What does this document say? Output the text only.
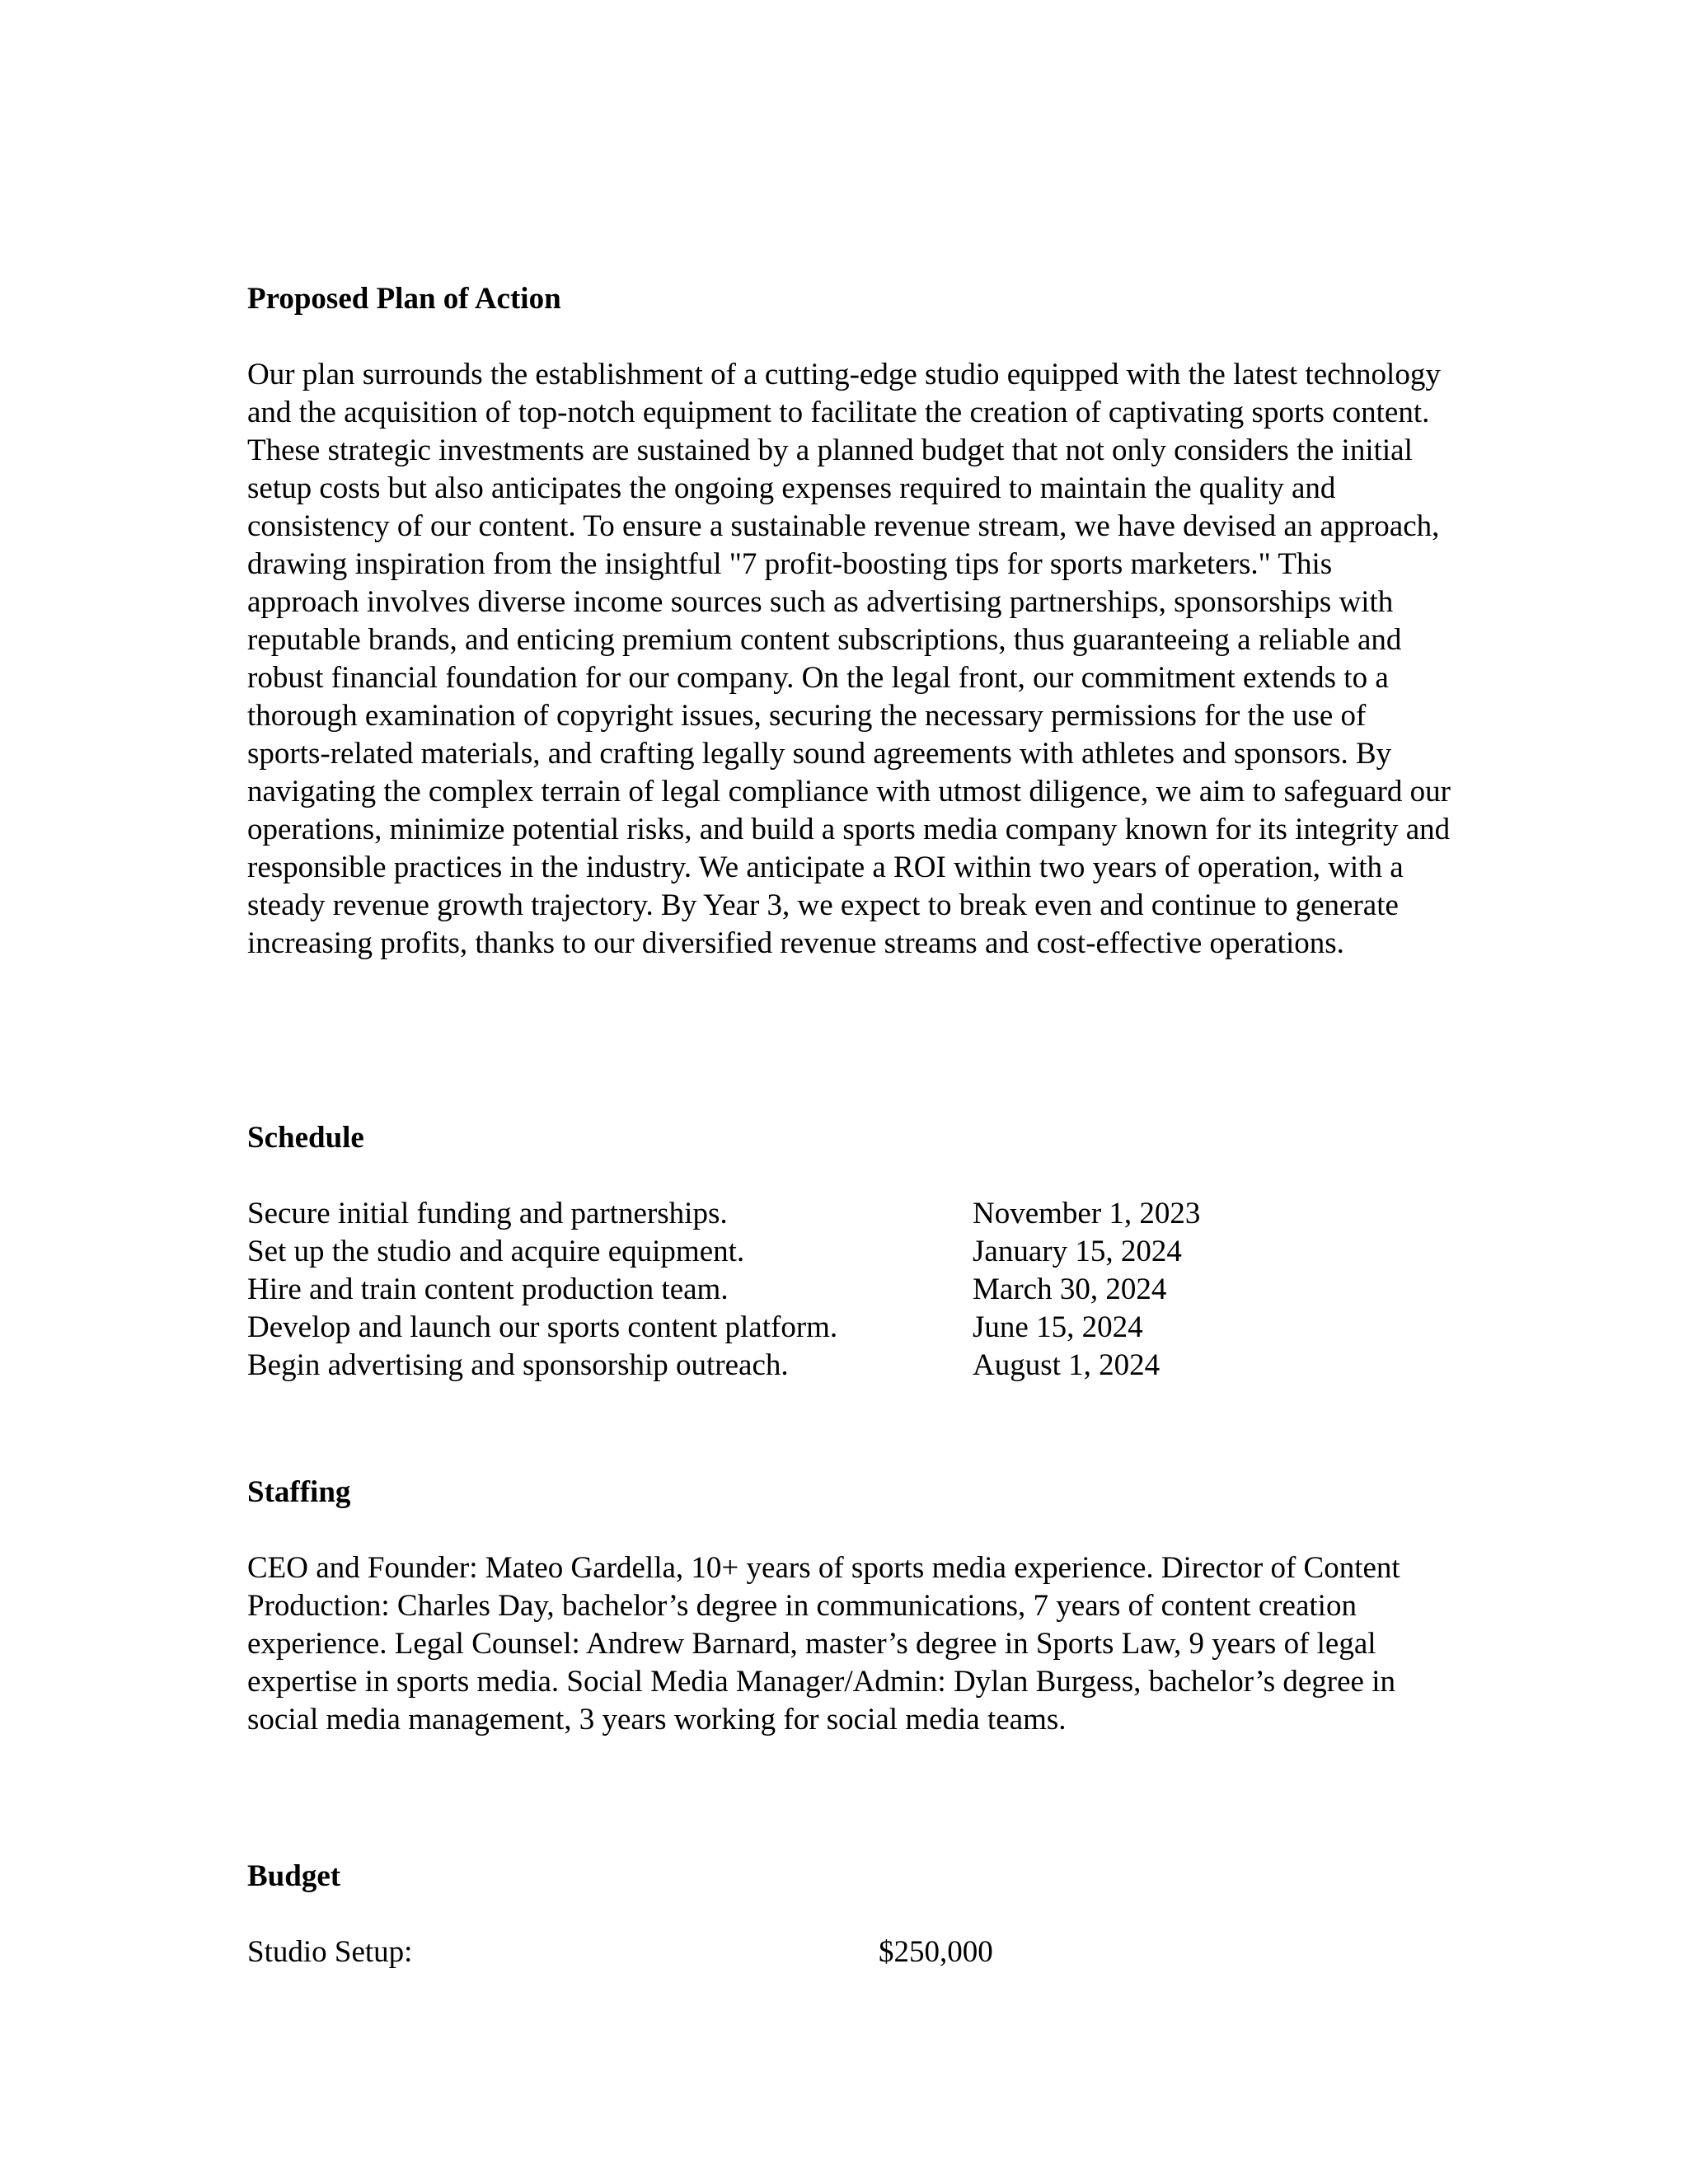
Proposed Plan of Action

Our plan surrounds the establishment of a cutting-edge studio equipped with the latest technology and the acquisition of top-notch equipment to facilitate the creation of captivating sports content. These strategic investments are sustained by a planned budget that not only considers the initial setup costs but also anticipates the ongoing expenses required to maintain the quality and consistency of our content. To ensure a sustainable revenue stream, we have devised an approach, drawing inspiration from the insightful "7 profit-boosting tips for sports marketers." This approach involves diverse income sources such as advertising partnerships, sponsorships with reputable brands, and enticing premium content subscriptions, thus guaranteeing a reliable and robust financial foundation for our company. On the legal front, our commitment extends to a thorough examination of copyright issues, securing the necessary permissions for the use of sports-related materials, and crafting legally sound agreements with athletes and sponsors. By navigating the complex terrain of legal compliance with utmost diligence, we aim to safeguard our operations, minimize potential risks, and build a sports media company known for its integrity and responsible practices in the industry. We anticipate a ROI within two years of operation, with a steady revenue growth trajectory. By Year 3, we expect to break even and continue to generate increasing profits, thanks to our diversified revenue streams and cost-effective operations.

Schedule

Secure initial funding and partnerships.	November 1, 2023
Set up the studio and acquire equipment.	January 15, 2024
Hire and train content production team.	March 30, 2024
Develop and launch our sports content platform.	June 15, 2024
Begin advertising and sponsorship outreach.	August 1, 2024

Staffing

CEO and Founder: Mateo Gardella, 10+ years of sports media experience. Director of Content Production: Charles Day, bachelor’s degree in communications, 7 years of content creation experience. Legal Counsel: Andrew Barnard, master’s degree in Sports Law, 9 years of legal expertise in sports media. Social Media Manager/Admin: Dylan Burgess, bachelor’s degree in social media management, 3 years working for social media teams.

Budget

Studio Setup:	$250,000
